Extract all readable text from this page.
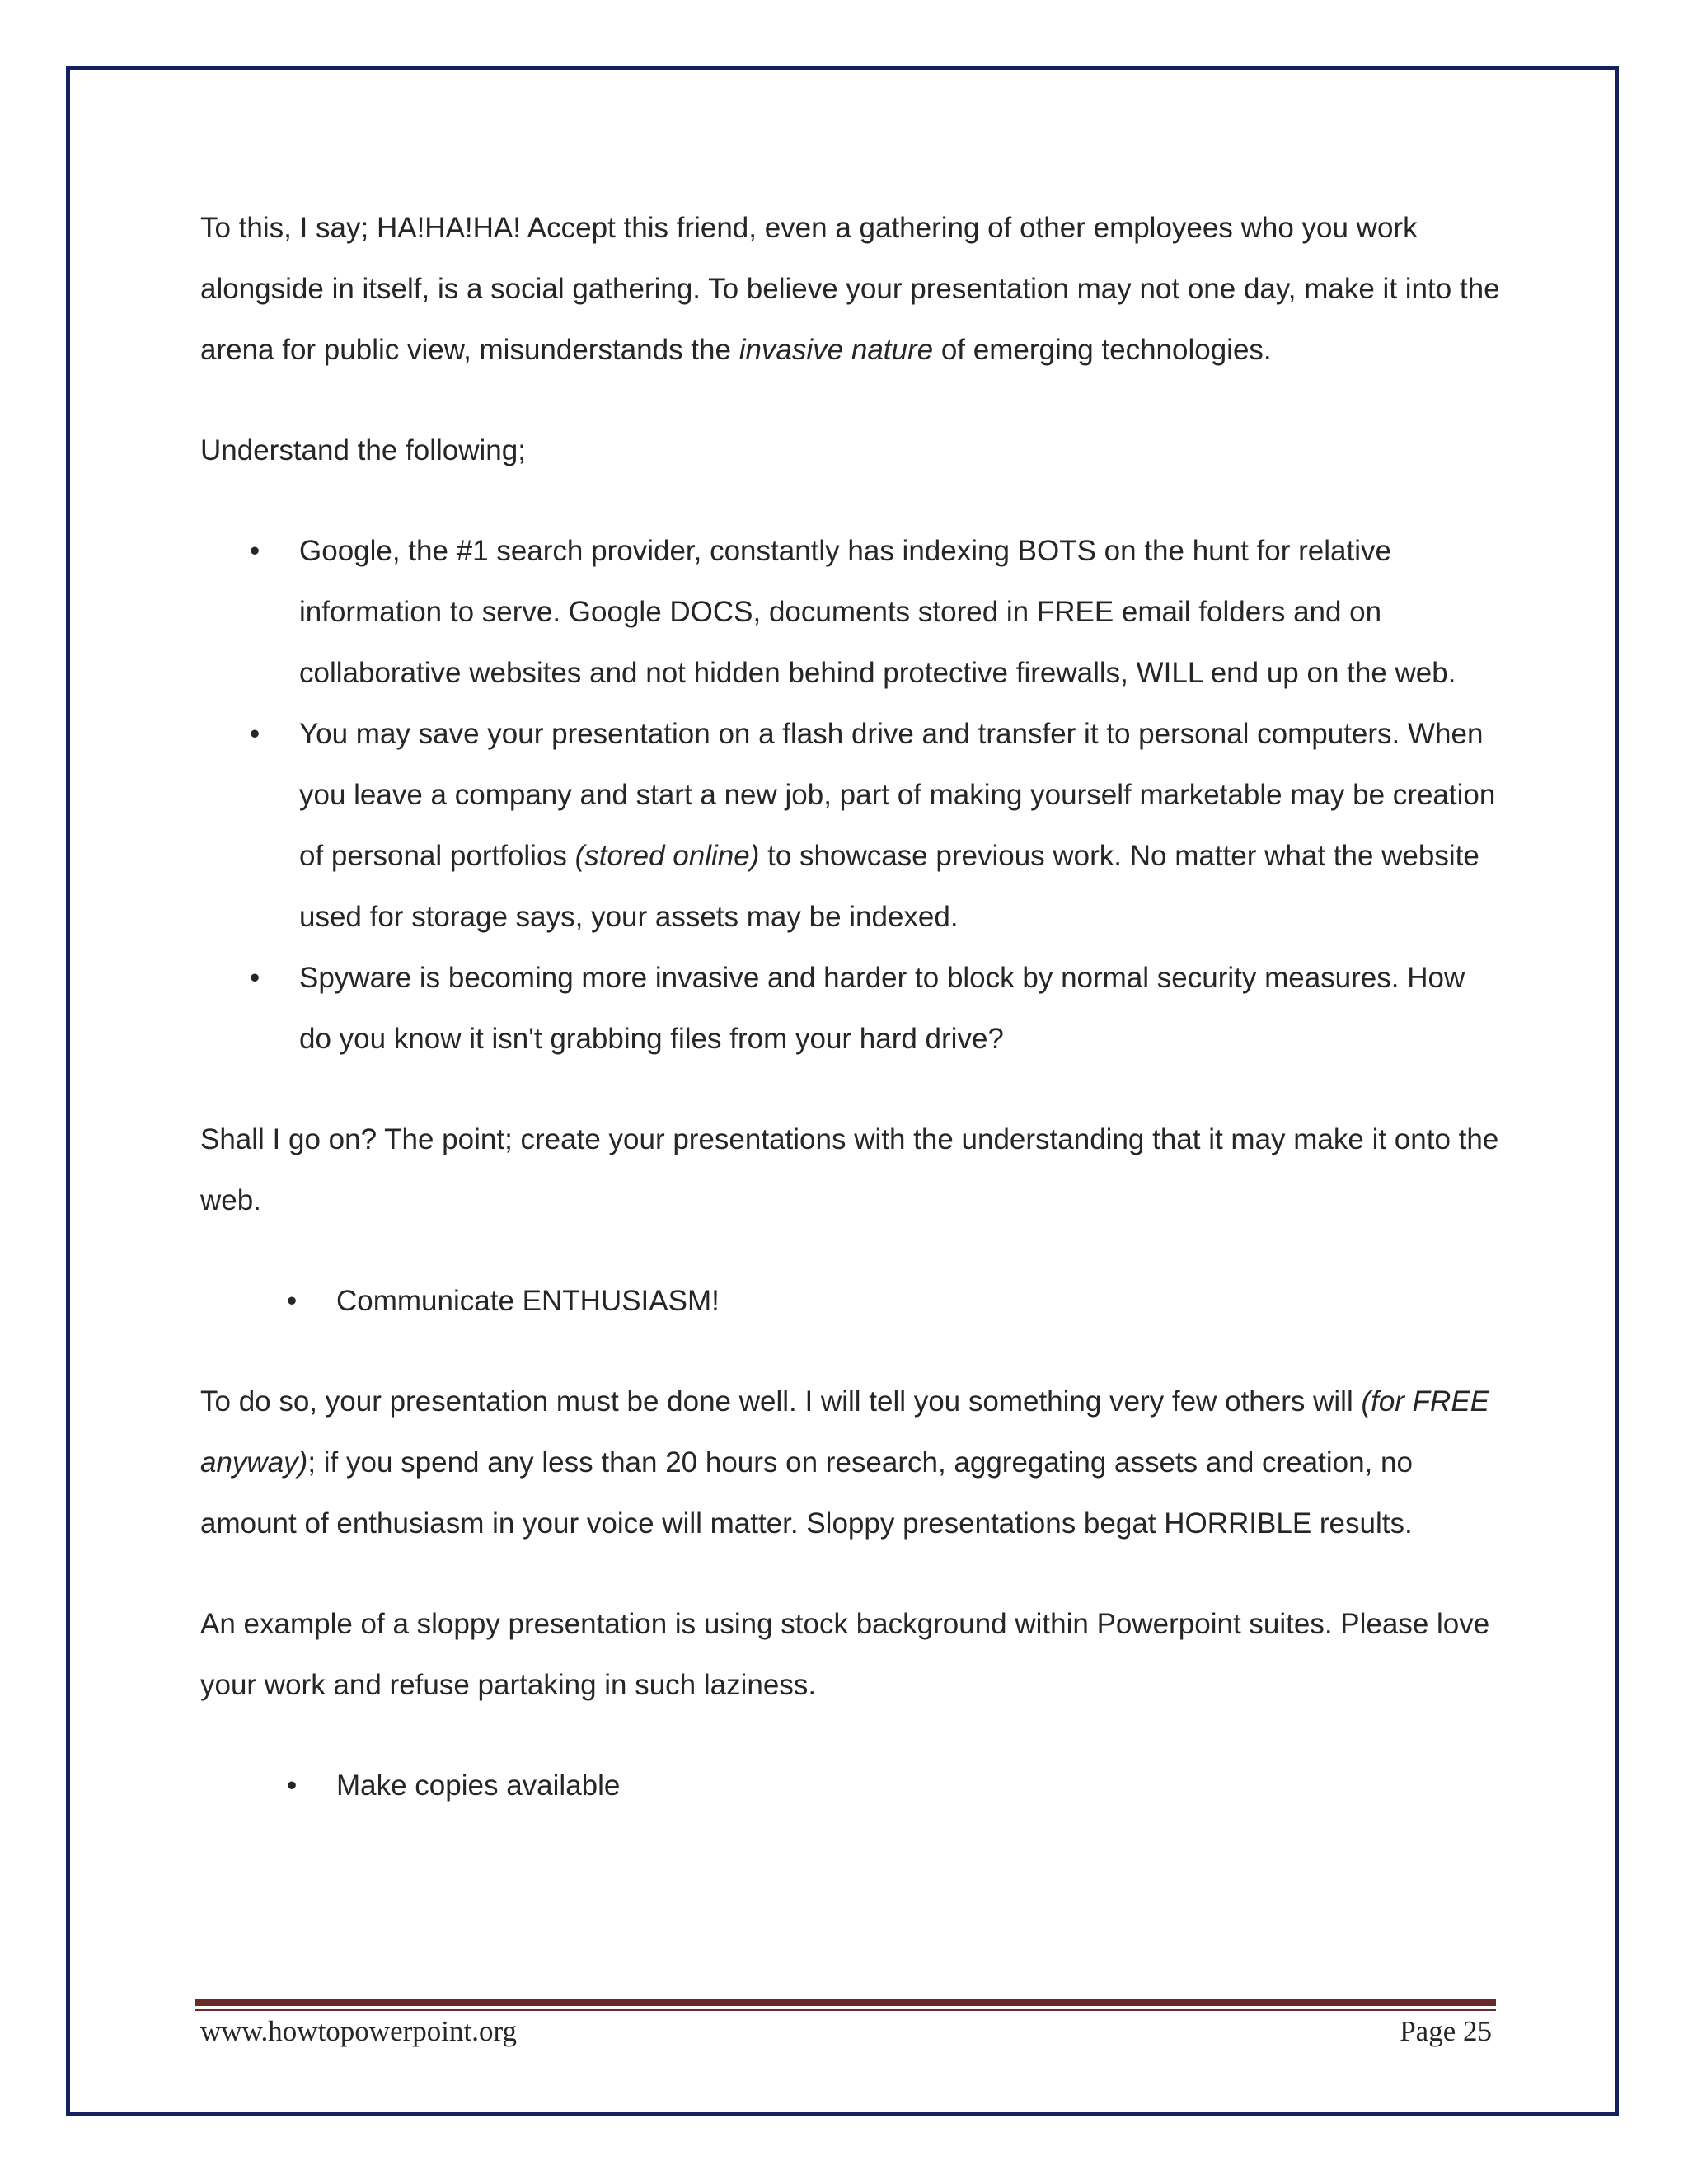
To this, I say; HA!HA!HA! Accept this friend, even a gathering of other employees who you work alongside in itself, is a social gathering. To believe your presentation may not one day, make it into the arena for public view, misunderstands the invasive nature of emerging technologies.

Understand the following;

• Google, the #1 search provider, constantly has indexing BOTS on the hunt for relative information to serve. Google DOCS, documents stored in FREE email folders and on collaborative websites and not hidden behind protective firewalls, WILL end up on the web.
• You may save your presentation on a flash drive and transfer it to personal computers. When you leave a company and start a new job, part of making yourself marketable may be creation of personal portfolios (stored online) to showcase previous work. No matter what the website used for storage says, your assets may be indexed.
• Spyware is becoming more invasive and harder to block by normal security measures. How do you know it isn't grabbing files from your hard drive?

Shall I go on? The point; create your presentations with the understanding that it may make it onto the web.

• Communicate ENTHUSIASM!

To do so, your presentation must be done well. I will tell you something very few others will (for FREE anyway); if you spend any less than 20 hours on research, aggregating assets and creation, no amount of enthusiasm in your voice will matter. Sloppy presentations begat HORRIBLE results.

An example of a sloppy presentation is using stock background within Powerpoint suites. Please love your work and refuse partaking in such laziness.

• Make copies available
www.howtopowerpoint.org	Page 25
